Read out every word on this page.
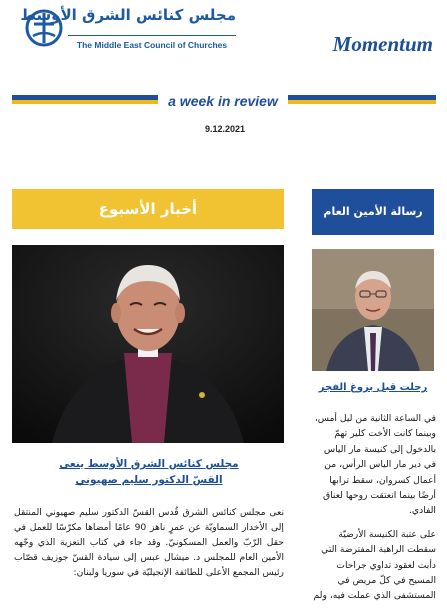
مجلس كنائس الشرق الأوسط
The Middle East Council of Churches	Momentum
a week in review
9.12.2021
أخبار الأسبوع
مجلس كنائس الشرق الأوسط ينعى
القسّ الدكتور سليم صهيوني
نعى مجلس كنائس الشرق قُدس القسّ الدكتور سليم صهيوني المنتقل إلى الأخدار السماويّة عن عمرٍ ناهز 90 عامًا أمضاها مكرّسًا للعمل في حقل الرّبّ والعمل المسكونيّ. وقد جاء في كتاب التعزية الذي وجّهه الأمين العام للمجلس د. ميشال عبس إلى سيادة القسّ جوزيف قصّاب رئيس المجمع الأعلى للطائفة الإنجيليّة في سوريا ولبنان:
رسالة الأمين العام
رحلت قبل بزوغ الفجر

في الساعة الثانية من ليل أمس، وبينما كانت الأخت كلير تهمّ بالدخول إلى كنيسة مار الياس في دير مار الياس الرأس، من أعمال كسروان، سقط ترابها أرضًا بينما انعتقت روحها لعناق الفادي.

على عتبة الكنيسة الأرضيّة سقطت الراهبة المفترضة التي دأبت لعقود تداوي جراحات المسيح في كلّ مريض في المستشفى الذي عملت فيه، ولم
